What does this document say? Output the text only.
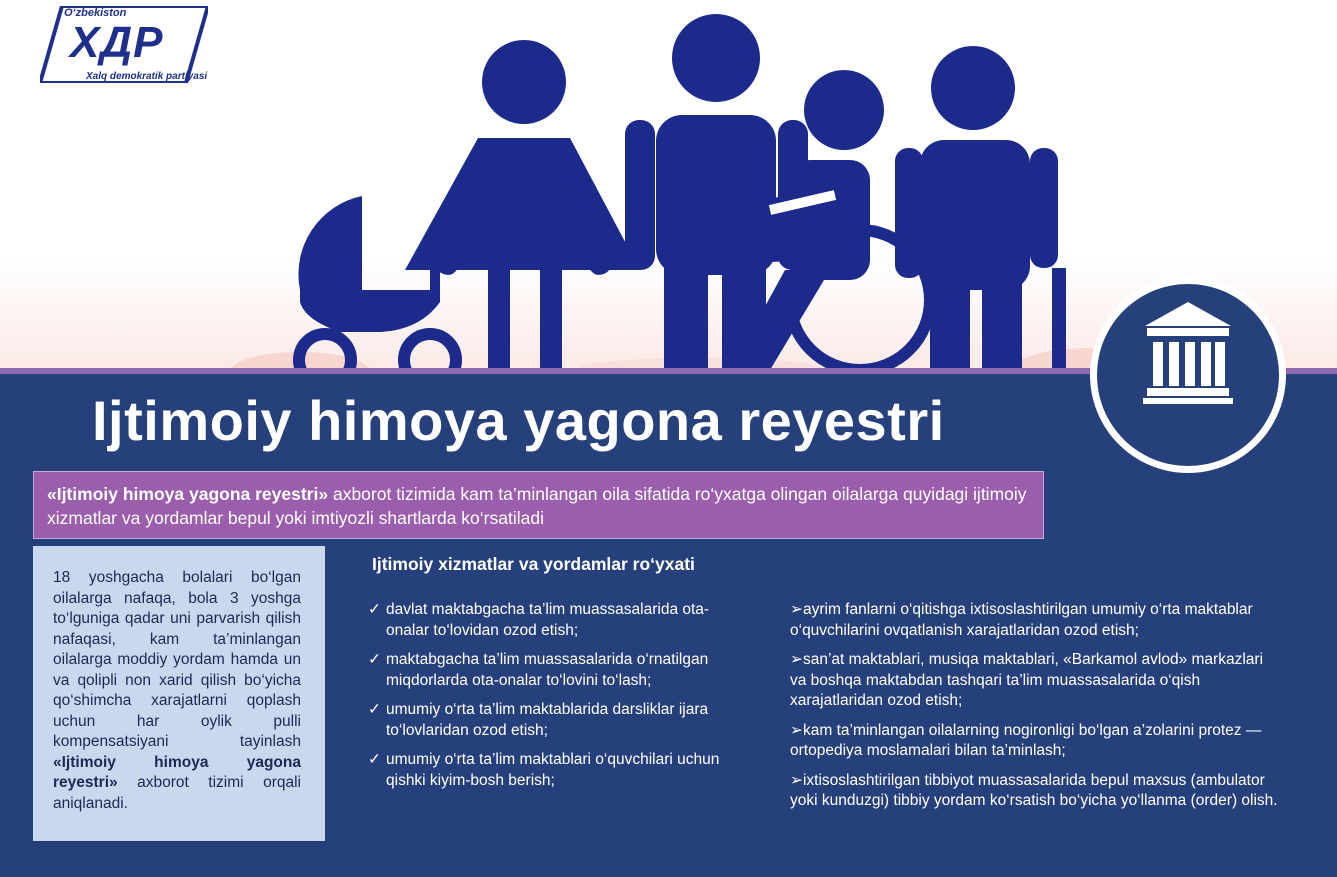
O‘zbekiston
ХДР
Xalq demokratik partiyasi
Ijtimoiy himoya yagona reyestri
«Ijtimoiy himoya yagona reyestri» axborot tizimida kam ta’minlangan oila sifatida ro‘yxatga olingan oilalarga quyidagi ijtimoiy xizmatlar va yordamlar bepul yoki imtiyozli shartlarda ko‘rsatiladi
18 yoshgacha bolalari bo‘lgan oilalarga nafaqa, bola 3 yoshga to‘lguniga qadar uni parvarish qilish nafaqasi, kam ta’minlangan oilalarga moddiy yordam hamda un va qolipli non xarid qilish bo‘yicha qo‘shimcha xarajatlarni qoplash uchun har oylik pulli kompensatsiyani tayinlash «Ijtimoiy himoya yagona reyestri» axborot tizimi orqali aniqlanadi.
Ijtimoiy xizmatlar va yordamlar ro‘yxati
✓ davlat maktabgacha ta’lim muassasalarida ota-onalar to‘lovidan ozod etish;
✓ maktabgacha ta’lim muassasalarida o‘rnatilgan miqdorlarda ota-onalar to‘lovini to‘lash;
✓ umumiy o‘rta ta’lim maktablarida darsliklar ijara to‘lovlaridan ozod etish;
✓ umumiy o‘rta ta’lim maktablari o‘quvchilari uchun qishki kiyim-bosh berish;
➢ayrim fanlarni o‘qitishga ixtisoslashtirilgan umumiy o‘rta maktablar o‘quvchilarini ovqatlanish xarajatlaridan ozod etish;
➢san’at maktablari, musiqa maktablari, «Barkamol avlod» markazlari va boshqa maktabdan tashqari ta’lim muassasalarida o‘qish xarajatlaridan ozod etish;
➢kam ta’minlangan oilalarning nogironligi bo‘lgan a’zolarini protez — ortopediya moslamalari bilan ta’minlash;
➢ixtisoslashtirilgan tibbiyot muassasalarida bepul maxsus (ambulator yoki kunduzgi) tibbiy yordam ko‘rsatish bo‘yicha yo‘llanma (order) olish.
